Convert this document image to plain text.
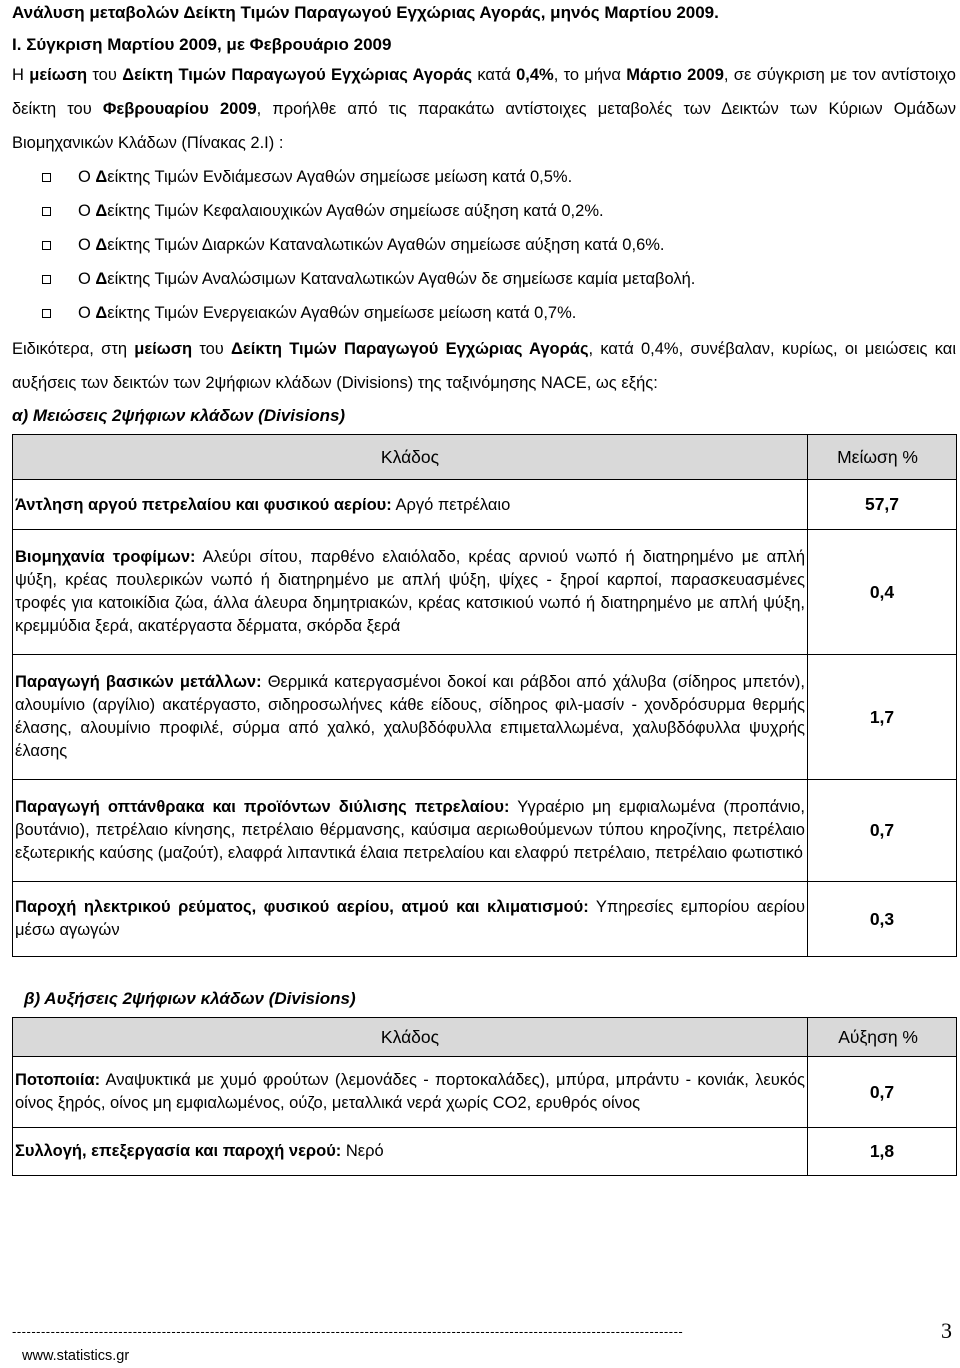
Ανάλυση μεταβολών Δείκτη Τιμών Παραγωγού Εγχώριας Αγοράς, μηνός Μαρτίου 2009.
Ι. Σύγκριση Μαρτίου 2009, με Φεβρουάριο 2009
Η μείωση του Δείκτη Τιμών Παραγωγού Εγχώριας Αγοράς κατά 0,4%, το μήνα Μάρτιο 2009, σε σύγκριση με τον αντίστοιχο δείκτη του Φεβρουαρίου 2009, προήλθε από τις παρακάτω αντίστοιχες μεταβολές των Δεικτών των Κύριων Ομάδων Βιομηχανικών Κλάδων (Πίνακας 2.Ι) :
Ο Δείκτης Τιμών Ενδιάμεσων Αγαθών σημείωσε μείωση κατά 0,5%.
Ο Δείκτης Τιμών Κεφαλαιουχικών Αγαθών σημείωσε αύξηση κατά 0,2%.
Ο Δείκτης Τιμών Διαρκών Καταναλωτικών Αγαθών σημείωσε αύξηση κατά 0,6%.
Ο Δείκτης Τιμών Αναλώσιμων Καταναλωτικών Αγαθών δε σημείωσε καμία μεταβολή.
Ο Δείκτης Τιμών Ενεργειακών Αγαθών σημείωσε μείωση κατά 0,7%.
Ειδικότερα, στη μείωση του Δείκτη Τιμών Παραγωγού Εγχώριας Αγοράς, κατά 0,4%, συνέβαλαν, κυρίως, οι μειώσεις και αυξήσεις των δεικτών των 2ψήφιων κλάδων (Divisions) της ταξινόμησης NACE, ως εξής:
α) Μειώσεις 2ψήφιων κλάδων (Divisions)
Κλάδος	Μείωση %
Άντληση αργού πετρελαίου και φυσικού αερίου: Αργό πετρέλαιο	57,7
Βιομηχανία τροφίμων: Αλεύρι σίτου, παρθένο ελαιόλαδο, κρέας αρνιού νωπό ή διατηρημένο με απλή ψύξη, κρέας πουλερικών νωπό ή διατηρημένο με απλή ψύξη, ψίχες - ξηροί καρποί, παρασκευασμένες τροφές για κατοικίδια ζώα, άλλα άλευρα δημητριακών, κρέας κατσικιού νωπό ή διατηρημένο με απλή ψύξη, κρεμμύδια ξερά, ακατέργαστα δέρματα, σκόρδα ξερά	0,4
Παραγωγή βασικών μετάλλων: Θερμικά κατεργασμένοι δοκοί και ράβδοι από χάλυβα (σίδηρος μπετόν), αλουμίνιο (αργίλιο) ακατέργαστο, σιδηροσωλήνες κάθε είδους, σίδηρος φιλ-μασίν - χονδρόσυρμα θερμής έλασης, αλουμίνιο προφιλέ, σύρμα από χαλκό, χαλυβδόφυλλα επιμεταλλωμένα, χαλυβδόφυλλα ψυχρής έλασης	1,7
Παραγωγή οπτάνθρακα και προϊόντων διύλισης πετρελαίου: Υγραέριο μη εμφιαλωμένα (προπάνιο, βουτάνιο), πετρέλαιο κίνησης, πετρέλαιο θέρμανσης, καύσιμα αεριωθούμενων τύπου κηροζίνης, πετρέλαιο εξωτερικής καύσης (μαζούτ), ελαφρά λιπαντικά έλαια πετρελαίου και ελαφρύ πετρέλαιο, πετρέλαιο φωτιστικό	0,7
Παροχή ηλεκτρικού ρεύματος, φυσικού αερίου, ατμού και κλιματισμού: Υπηρεσίες εμπορίου αερίου μέσω αγωγών	0,3
β) Αυξήσεις 2ψήφιων κλάδων (Divisions)
Κλάδος	Αύξηση %
Ποτοποιία: Αναψυκτικά με χυμό φρούτων (λεμονάδες - πορτοκαλάδες), μπύρα, μπράντυ - κονιάκ, λευκός οίνος ξηρός, οίνος μη εμφιαλωμένος, ούζο, μεταλλικά νερά χωρίς CO2, ερυθρός οίνος	0,7
Συλλογή, επεξεργασία και παροχή νερού: Νερό	1,8
-------------------------------------------------------------------------------------------------------------------------------------------
www.statistics.gr
3
